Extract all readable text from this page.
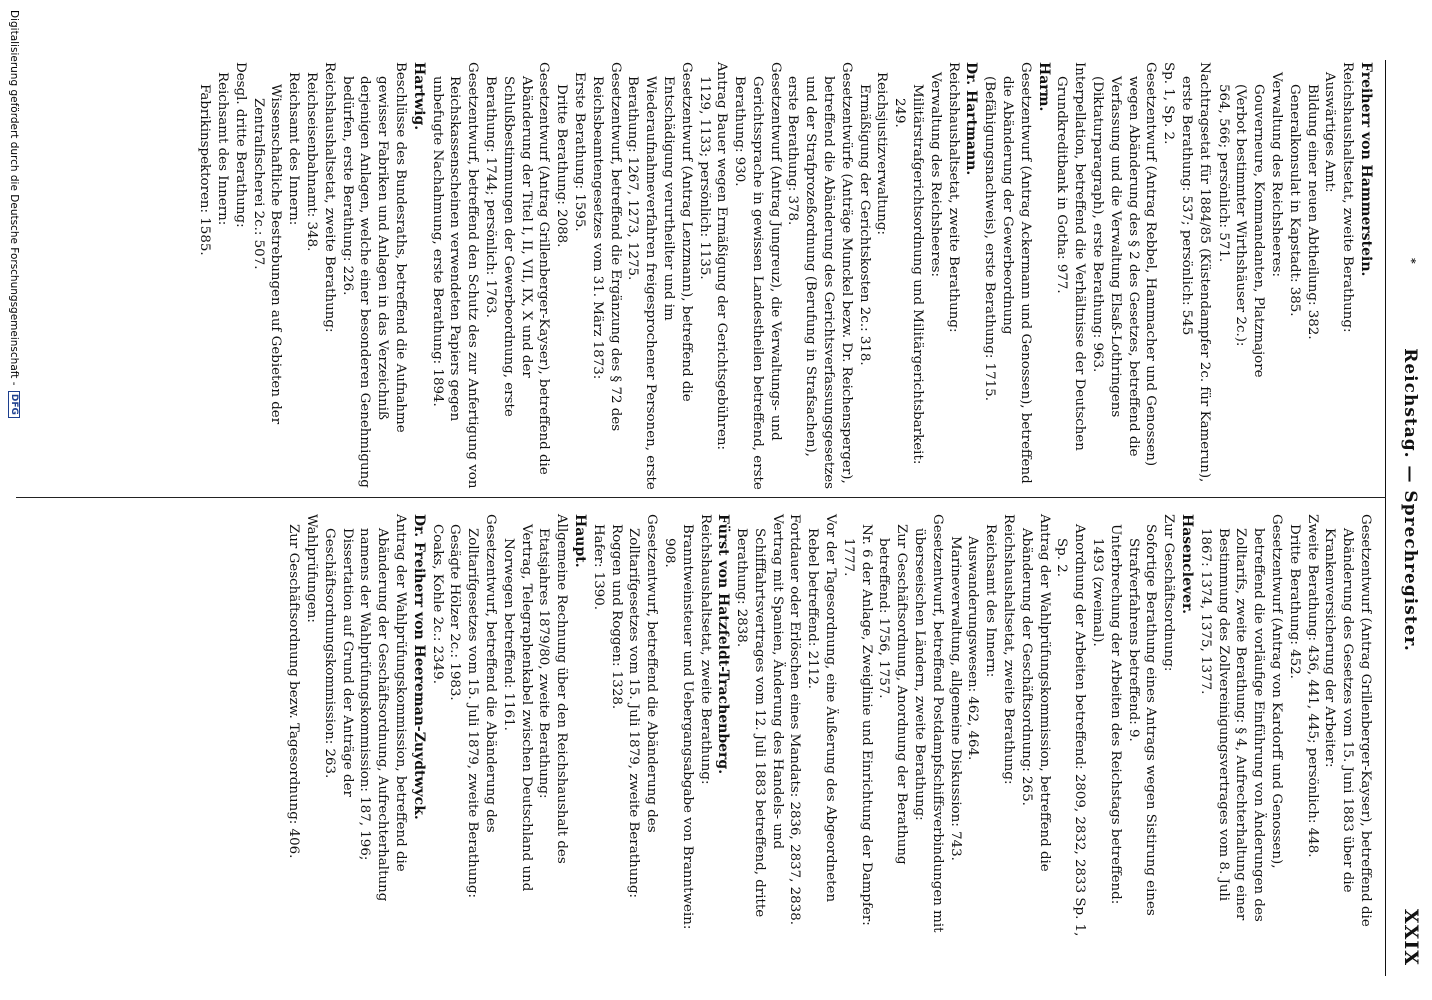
*
Reichstag. — Sprechregister.
XXIX
Freiherr von Hammerstein.
Reichshaushaltsetat, zweite Berathung:
Auswärtiges Amt:
Bildung einer neuen Abtheilung: 382.
Generalkonsulat in Kapstadt: 385.
Verwaltung des Reichsheeres:
Gouverneure, Kommandanten, Platzmajore
(Verbot bestimmter Wirthshäuser 2c.):
564, 566; persönlich: 571.
Nachtragsetat für 1884/85 (Küstendampfer 2c. für Kamerun), erste Berathung: 537; persönlich: 545
Sp. 1, Sp. 2.
Gesetzentwurf (Antrag Rebbel, Hammacher und Genossen) wegen Abänderung des § 2 des Gesetzes, betreffend die Verfassung und die Verwaltung Elsaß-Lothringens (Diktaturparagraph), erste Berathung: 963.
Interpellation, betreffend die Verhältnisse der Deutschen Grundkreditbank in Gotha: 977.
Harm.
Gesetzentwurf (Antrag Ackermann und Genossen), betreffend die Abänderung der Gewerbeordnung (Befähigungsnachweis), erste Berathung: 1715.
Dr. Hartmann.
Reichshaushaltsetat, zweite Berathung:
Verwaltung des Reichsheeres:
Militärstrafgerichtsordnung und Militärgerichtsbarkeit: 249.
Reichsjustizverwaltung:
Ermäßigung der Gerichtskosten 2c.: 318.
Gesetzentwürfe (Anträge Munckel bezw. Dr. Reichensperger), betreffend die Abänderung des Gerichtsverfassungsgesetzes und der Strafprozeßordnung (Berufung in Strafsachen), erste Berathung: 378.
Gesetzentwurf (Antrag Jungreuz), die Verwaltungs- und Gerichtssprache in gewissen Landestheilen betreffend, erste Berathung: 930.
Antrag Bauer wegen Ermäßigung der Gerichtsgebühren: 1129, 1133; persönlich: 1135.
Gesetzentwurf (Antrag Lenzmann), betreffend die Entschädigung verurtheilter und im Wiederaufnahmeverfahren freigesprochener Personen, erste Berathung: 1267, 1273, 1275.
Gesetzentwurf, betreffend die Ergänzung des § 72 des Reichsbeamtengesetzes vom 31. März 1873:
Erste Berathung: 1595.
Dritte Berathung: 2088.
Gesetzentwurf (Antrag Grillenberger-Kayser), betreffend die Abänderung der Titel I, II, VII, IX, X und der Schlußbestimmungen der Gewerbeordnung, erste Berathung: 1744; persönlich: 1763.
Gesetzentwurf, betreffend den Schutz des zur Anfertigung von Reichskassenscheinen verwendeten Papiers gegen unbefugte Nachahmung, erste Berathung: 1894.
Hartwig.
Beschlüsse des Bundesraths, betreffend die Aufnahme gewisser Fabriken und Anlagen in das Verzeichniß derjenigen Anlagen, welche einer besonderen Genehmigung bedürfen, erste Berathung: 226.
Reichshaushaltsetat, zweite Berathung:
Reichseisenbahnamt: 348.
Reichsamt des Innern:
Wissenschaftliche Bestrebungen auf Gebieten der Zentralfischerei 2c.: 507.
Desgl. dritte Berathung:
Reichsamt des Innern:
Fabrikinspektoren: 1585.
Gesetzentwurf (Antrag Grillenberger-Kayser), betreffend die Abänderung des Gesetzes vom 15. Juni 1883 über die Krankenversicherung der Arbeiter:
Zweite Berathung: 436, 441, 445; persönlich: 448.
Dritte Berathung: 452.
Gesetzentwurf (Antrag von Kardorff und Genossen), betreffend die vorläufige Einführung von Änderungen des Zolltarifs, zweite Berathung: § 4, Aufrechterhaltung einer Bestimmung des Zollvereinigungsvertrages vom 8. Juli 1867: 1374, 1375, 1377.
Hasenclever.
Zur Geschäftsordnung:
Sofortige Berathung eines Antrags wegen Sistirung eines Strafverfahrens betreffend: 9.
Unterbrechung der Arbeiten des Reichstags betreffend: 1493 (zweimal).
Anordnung der Arbeiten betreffend: 2809, 2832, 2833 Sp. 1, Sp. 2.
Antrag der Wahlprüfungskommission, betreffend die Abänderung der Geschäftsordnung: 265.
Reichshaushaltsetat, zweite Berathung:
Reichsamt des Innern:
Auswanderungswesen: 462, 464.
Marineverwaltung, allgemeine Diskussion: 743.
Gesetzentwurf, betreffend Postdampfschiffsverbindungen mit überseeischen Ländern, zweite Berathung:
Zur Geschäftsordnung, Anordnung der Berathung betreffend: 1756, 1757.
Nr. 6 der Anlage, Zweiglinie und Einrichtung der Dampfer: 1777.
Vor der Tagesordnung, eine Äußerung des Abgeordneten Rebel betreffend: 2112.
Fortdauer oder Erlöschen eines Mandats: 2836, 2837, 2838.
Vertrag mit Spanien, Änderung des Handels- und Schifffahrtsvertrages vom 12. Juli 1883 betreffend, dritte Berathung: 2838.
Fürst von Hatzfeldt-Trachenberg.
Reichshaushaltsetat, zweite Berathung:
Branntweinsteuer und Uebergangsabgabe von Branntwein: 908.
Gesetzentwurf, betreffend die Abänderung des Zolltarifgesetzes vom 15. Juli 1879, zweite Berathung:
Roggen und Roggen: 1328.
Hafer: 1390.
Haupt.
Allgemeine Rechnung über den Reichshaushalt des Etatsjahres 1879/80, zweite Berathung:
Vertrag, Telegraphenkabel zwischen Deutschland und Norwegen betreffend: 1161.
Gesetzentwurf, betreffend die Abänderung des Zolltarifgesetzes vom 15. Juli 1879, zweite Berathung:
Gesägte Hölzer 2c.: 1983.
Coaks, Kohle 2c.: 2349.
Dr. Freiherr von Heereman-Zuydtwyck.
Antrag der Wahlprüfungskommission, betreffend die Abänderung der Geschäftsordnung, Aufrechterhaltung namens der Wahlprüfungskommission: 187, 196; Dissertation auf Grund der Anträge der Geschäftsordnungskommission: 263.
Wahlprüfungen:
Zur Geschäftsordnung bezw. Tagesordnung: 406.
Digitalisierung gefördert durch die Deutsche Forschungsgemeinschaft - DFG
